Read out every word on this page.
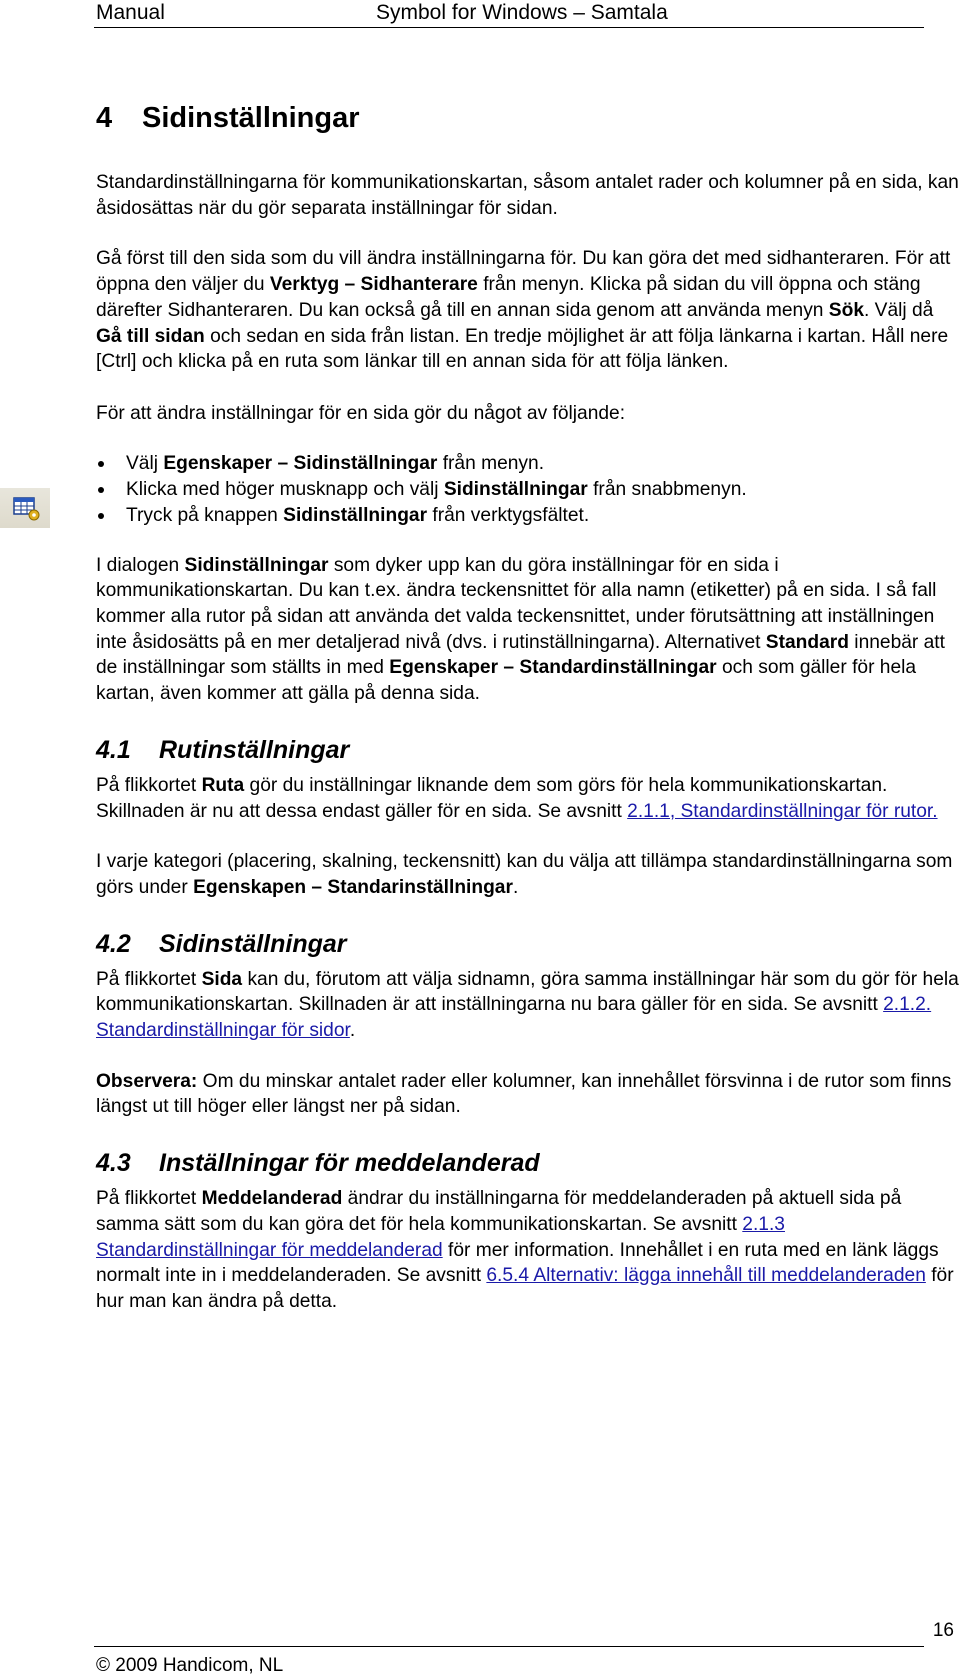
Manual	Symbol for Windows – Samtala
4 Sidinställningar

Standardinställningarna för kommunikationskartan, såsom antalet rader och kolumner på en sida, kan åsidosättas när du gör separata inställningar för sidan.

Gå först till den sida som du vill ändra inställningarna för. Du kan göra det med sidhanteraren. För att öppna den väljer du Verktyg – Sidhanterare från menyn. Klicka på sidan du vill öppna och stäng därefter Sidhanteraren. Du kan också gå till en annan sida genom att använda menyn Sök. Välj då Gå till sidan och sedan en sida från listan. En tredje möjlighet är att följa länkarna i kartan. Håll nere [Ctrl] och klicka på en ruta som länkar till en annan sida för att följa länken.

För att ändra inställningar för en sida gör du något av följande:

Välj Egenskaper – Sidinställningar från menyn.
Klicka med höger musknapp och välj Sidinställningar från snabbmenyn.
Tryck på knappen Sidinställningar från verktygsfältet.

I dialogen Sidinställningar som dyker upp kan du göra inställningar för en sida i kommunikationskartan. Du kan t.ex. ändra teckensnittet för alla namn (etiketter) på en sida. I så fall kommer alla rutor på sidan att använda det valda teckensnittet, under förutsättning att inställningen inte åsidosätts på en mer detaljerad nivå (dvs. i rutinställningarna). Alternativet Standard innebär att de inställningar som ställts in med Egenskaper – Standardinställningar och som gäller för hela kartan, även kommer att gälla på denna sida.

4.1 Rutinställningar

På flikkortet Ruta gör du inställningar liknande dem som görs för hela kommunikationskartan. Skillnaden är nu att dessa endast gäller för en sida. Se avsnitt 2.1.1, Standardinställningar för rutor.

I varje kategori (placering, skalning, teckensnitt) kan du välja att tillämpa standardinställningarna som görs under Egenskapen – Standarinställningar.

4.2 Sidinställningar

På flikkortet Sida kan du, förutom att välja sidnamn, göra samma inställningar här som du gör för hela kommunikationskartan. Skillnaden är att inställningarna nu bara gäller för en sida. Se avsnitt 2.1.2. Standardinställningar för sidor.

Observera: Om du minskar antalet rader eller kolumner, kan innehållet försvinna i de rutor som finns längst ut till höger eller längst ner på sidan.

4.3 Inställningar för meddelanderad

På flikkortet Meddelanderad ändrar du inställningarna för meddelanderaden på aktuell sida på samma sätt som du kan göra det för hela kommunikationskartan. Se avsnitt 2.1.3 Standardinställningar för meddelanderad för mer information. Innehållet i en ruta med en länk läggs normalt inte in i meddelanderaden. Se avsnitt 6.5.4 Alternativ: lägga innehåll till meddelanderaden för hur man kan ändra på detta.

© 2009 Handicom, NL
16
